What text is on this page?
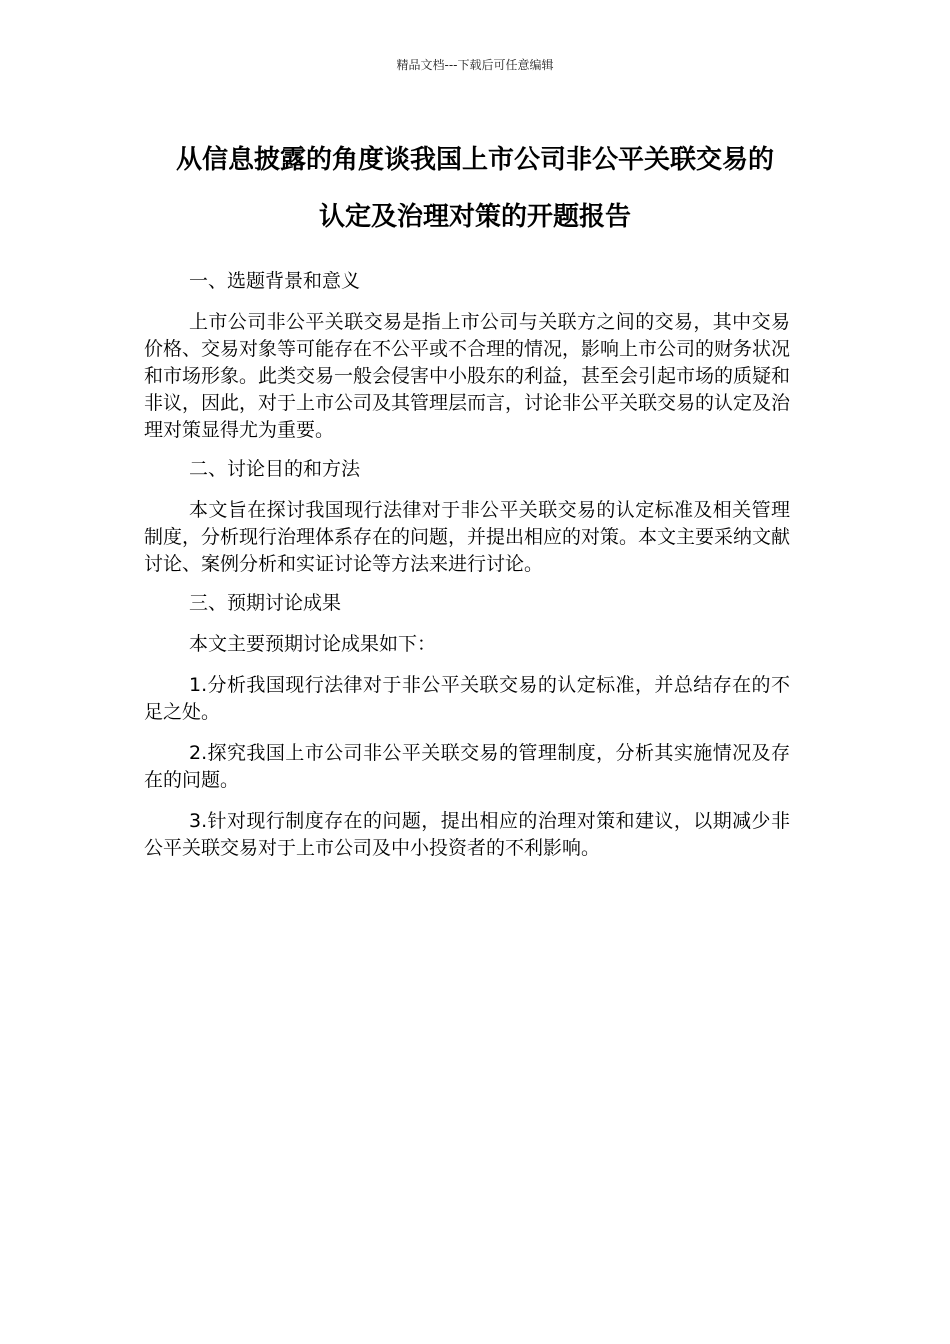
精品文档---下载后可任意编辑
从信息披露的角度谈我国上市公司非公平关联交易的
认定及治理对策的开题报告

一、选题背景和意义

上市公司非公平关联交易是指上市公司与关联方之间的交易，其中交易价格、交易对象等可能存在不公平或不合理的情况，影响上市公司的财务状况和市场形象。此类交易一般会侵害中小股东的利益，甚至会引起市场的质疑和非议，因此，对于上市公司及其管理层而言，讨论非公平关联交易的认定及治理对策显得尤为重要。

二、讨论目的和方法

本文旨在探讨我国现行法律对于非公平关联交易的认定标准及相关管理制度，分析现行治理体系存在的问题，并提出相应的对策。本文主要采纳文献讨论、案例分析和实证讨论等方法来进行讨论。

三、预期讨论成果

本文主要预期讨论成果如下：

1.分析我国现行法律对于非公平关联交易的认定标准，并总结存在的不足之处。

2.探究我国上市公司非公平关联交易的管理制度，分析其实施情况及存在的问题。

3.针对现行制度存在的问题，提出相应的治理对策和建议，以期减少非公平关联交易对于上市公司及中小投资者的不利影响。
